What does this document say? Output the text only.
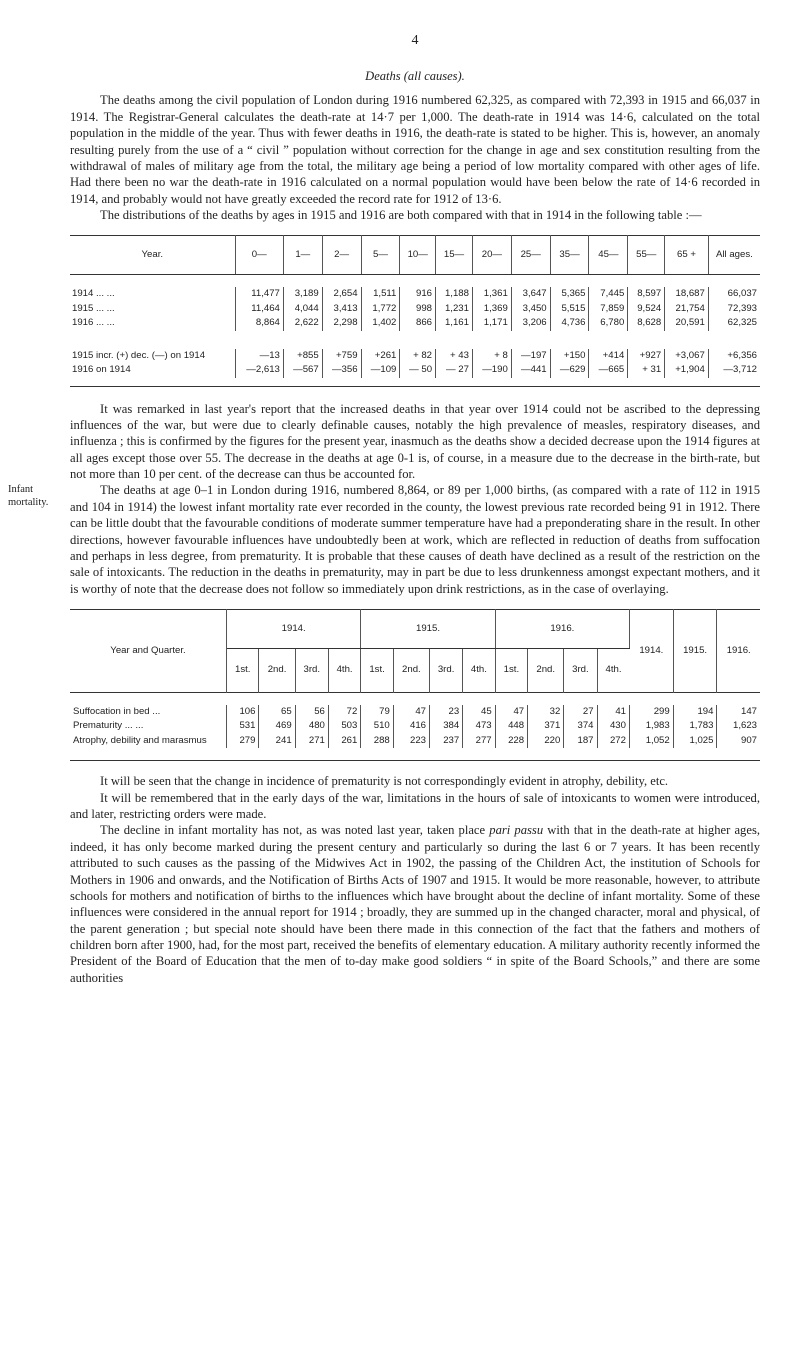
4
Deaths (all causes).

The deaths among the civil population of London during 1916 numbered 62,325, as compared with 72,393 in 1915 and 66,037 in 1914. The Registrar-General calculates the death-rate at 14·7 per 1,000. The death-rate in 1914 was 14·6, calculated on the total population in the middle of the year. Thus with fewer deaths in 1916, the death-rate is stated to be higher. This is, however, an anomaly resulting purely from the use of a “ civil ” population without correction for the change in age and sex constitution resulting from the withdrawal of males of military age from the total, the military age being a period of low mortality compared with other ages of life. Had there been no war the death-rate in 1916 calculated on a normal population would have been below the rate of 14·6 recorded in 1914, and probably would not have greatly exceeded the record rate for 1912 of 13·6.

The distributions of the deaths by ages in 1915 and 1916 are both compared with that in 1914 in the following table :—

Year.	0—	1—	2—	5—	10—	15—	20—	25—	35—	45—	55—	65 +	All ages.

1914 ... ...	11,477	3,189	2,654	1,511	916	1,188	1,361	3,647	5,365	7,445	8,597	18,687	66,037
1915 ... ...	11,464	4,044	3,413	1,772	998	1,231	1,369	3,450	5,515	7,859	9,524	21,754	72,393
1916 ... ...	8,864	2,622	2,298	1,402	866	1,161	1,171	3,206	4,736	6,780	8,628	20,591	62,325

1915 incr. (+) dec. (—) on 1914	—13	+855	+759	+261	+ 82	+ 43	+ 8	—197	+150	+414	+927	+3,067	+6,356
1916 on 1914	—2,613	—567	—356	—109	— 50	— 27	—190	—441	—629	—665	+ 31	+1,904	—3,712

It was remarked in last year's report that the increased deaths in that year over 1914 could not be ascribed to the depressing influences of the war, but were due to clearly definable causes, notably the high prevalence of measles, respiratory diseases, and influenza ; this is confirmed by the figures for the present year, inasmuch as the deaths show a decided decrease upon the 1914 figures at all ages except those over 55. The decrease in the deaths at age 0-1 is, of course, in a measure due to the decrease in the birth-rate, but not more than 10 per cent. of the decrease can thus be accounted for.

Infant mortality.

The deaths at age 0–1 in London during 1916, numbered 8,864, or 89 per 1,000 births, (as compared with a rate of 112 in 1915 and 104 in 1914) the lowest infant mortality rate ever recorded in the county, the lowest previous rate recorded being 91 in 1912. There can be little doubt that the favourable conditions of moderate summer temperature have had a preponderating share in the result. In other directions, however favourable influences have undoubtedly been at work, which are reflected in reduction of deaths from suffocation and perhaps in less degree, from prematurity. It is probable that these causes of death have declined as a result of the restriction on the sale of intoxicants. The reduction in the deaths in prematurity, may in part be due to less drunkenness amongst expectant mothers, and it is worthy of note that the decrease does not follow so immediately upon drink restrictions, as in the case of overlaying.

Year and Quarter.	1914.				1915.				1916.				1914.	1915.	1916.
	1st.	2nd.	3rd.	4th.	1st.	2nd.	3rd.	4th.	1st.	2nd.	3rd.	4th.			

Suffocation in bed ...	106	65	56	72	79	47	23	45	47	32	27	41	299	194	147
Prematurity ... ...	531	469	480	503	510	416	384	473	448	371	374	430	1,983	1,783	1,623
Atrophy, debility and marasmus	279	241	271	261	288	223	237	277	228	220	187	272	1,052	1,025	907

It will be seen that the change in incidence of prematurity is not correspondingly evident in atrophy, debility, etc.

It will be remembered that in the early days of the war, limitations in the hours of sale of intoxicants to women were introduced, and later, restricting orders were made.

The decline in infant mortality has not, as was noted last year, taken place pari passu with that in the death-rate at higher ages, indeed, it has only become marked during the present century and particularly so during the last 6 or 7 years. It has been recently attributed to such causes as the passing of the Midwives Act in 1902, the passing of the Children Act, the institution of Schools for Mothers in 1906 and onwards, and the Notification of Births Acts of 1907 and 1915. It would be more reasonable, however, to attribute schools for mothers and notification of births to the influences which have brought about the decline of infant mortality. Some of these influences were considered in the annual report for 1914 ; broadly, they are summed up in the changed character, moral and physical, of the parent generation ; but special note should have been there made in this connection of the fact that the fathers and mothers of children born after 1900, had, for the most part, received the benefits of elementary education. A military authority recently informed the President of the Board of Education that the men of to-day make good soldiers “ in spite of the Board Schools,” and there are some authorities
